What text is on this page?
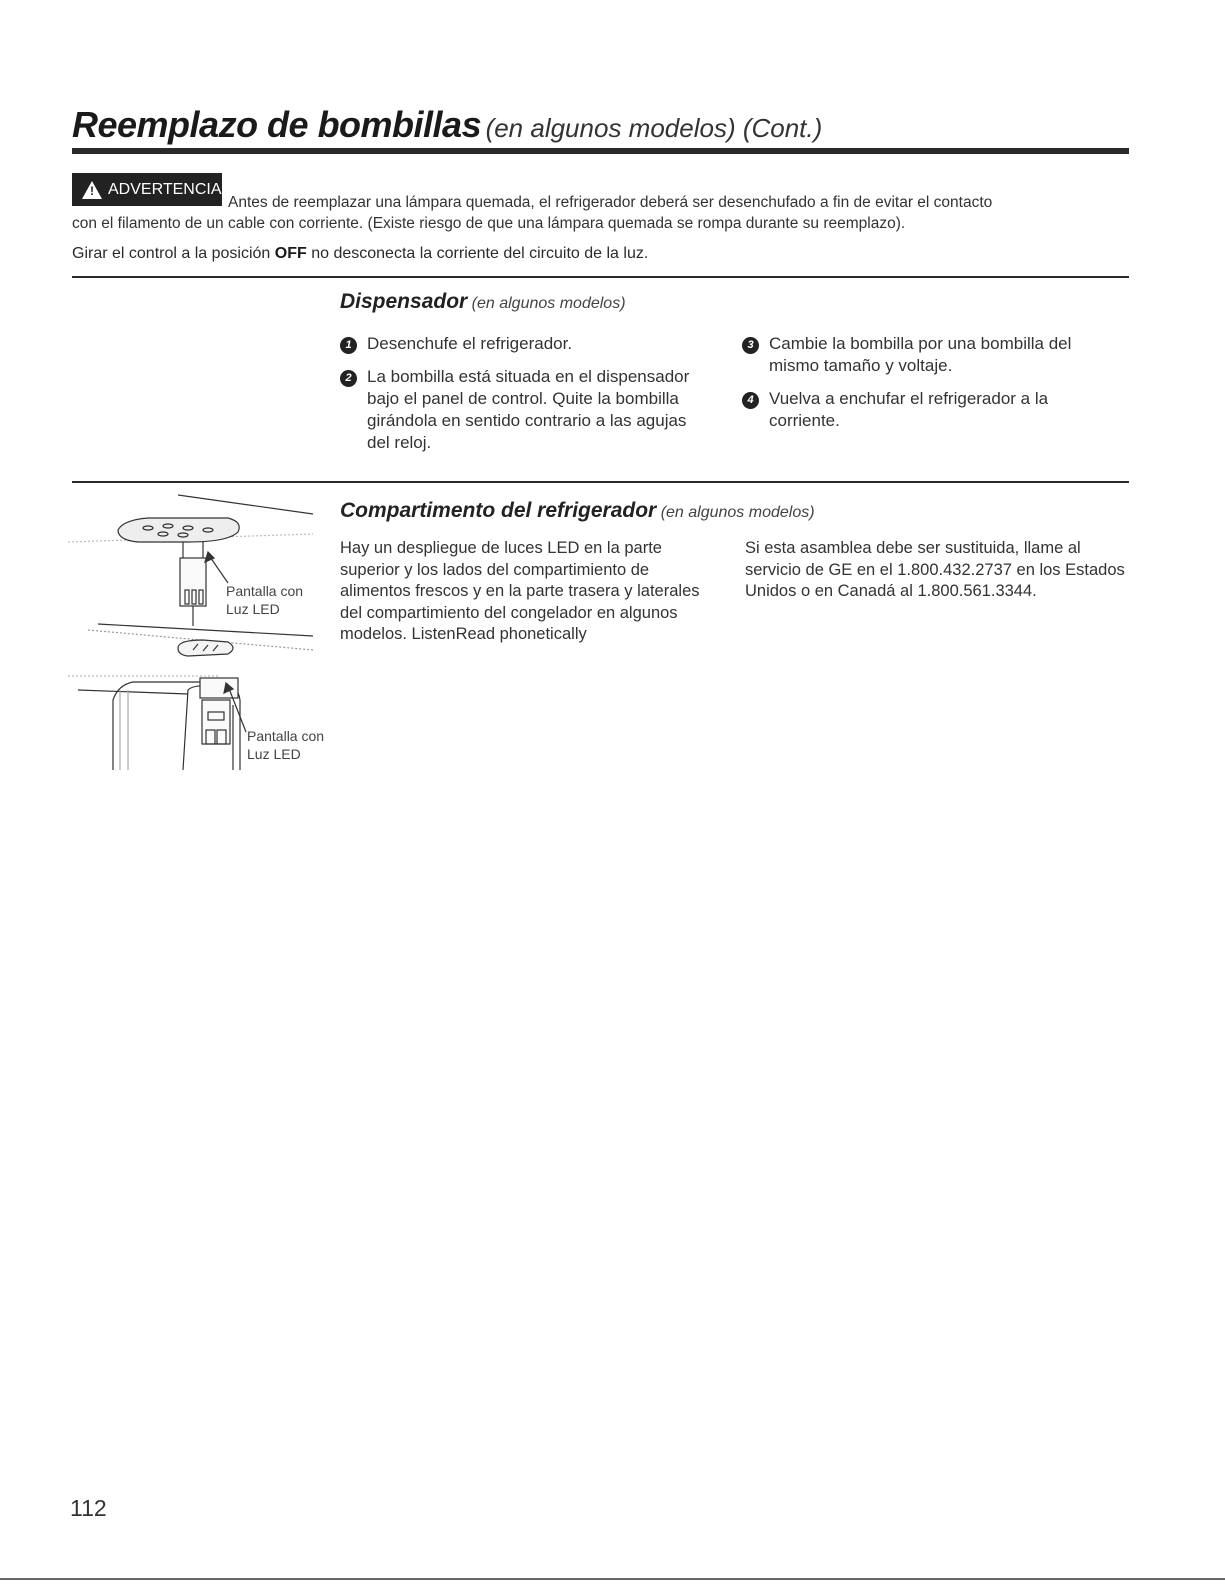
Reemplazo de bombillas (en algunos modelos) (Cont.)
!
ADVERTENCIA
Antes de reemplazar una lámpara quemada, el refrigerador deberá ser desenchufado a fin de evitar el contacto
con el filamento de un cable con corriente. (Existe riesgo de que una lámpara quemada se rompa durante su reemplazo).
Girar el control a la posición OFF no desconecta la corriente del circuito de la luz.
Dispensador (en algunos modelos)
1 Desenchufe el refrigerador.
2 La bombilla está situada en el dispensador bajo el panel de control. Quite la bombilla girándola en sentido contrario a las agujas del reloj.
3 Cambie la bombilla por una bombilla del mismo tamaño y voltaje.
4 Vuelva a enchufar el refrigerador a la corriente.
Compartimento del refrigerador (en algunos modelos)
Hay un despliegue de luces LED en la parte superior y los lados del compartimiento de alimentos frescos y en la parte trasera y laterales del compartimiento del congelador en algunos modelos. ListenRead phonetically
Si esta asamblea debe ser sustituida, llame al servicio de GE en el 1.800.432.2737 en los Estados Unidos o en Canadá al 1.800.561.3344.
Pantalla con
Luz LED
Pantalla con
Luz LED
112
